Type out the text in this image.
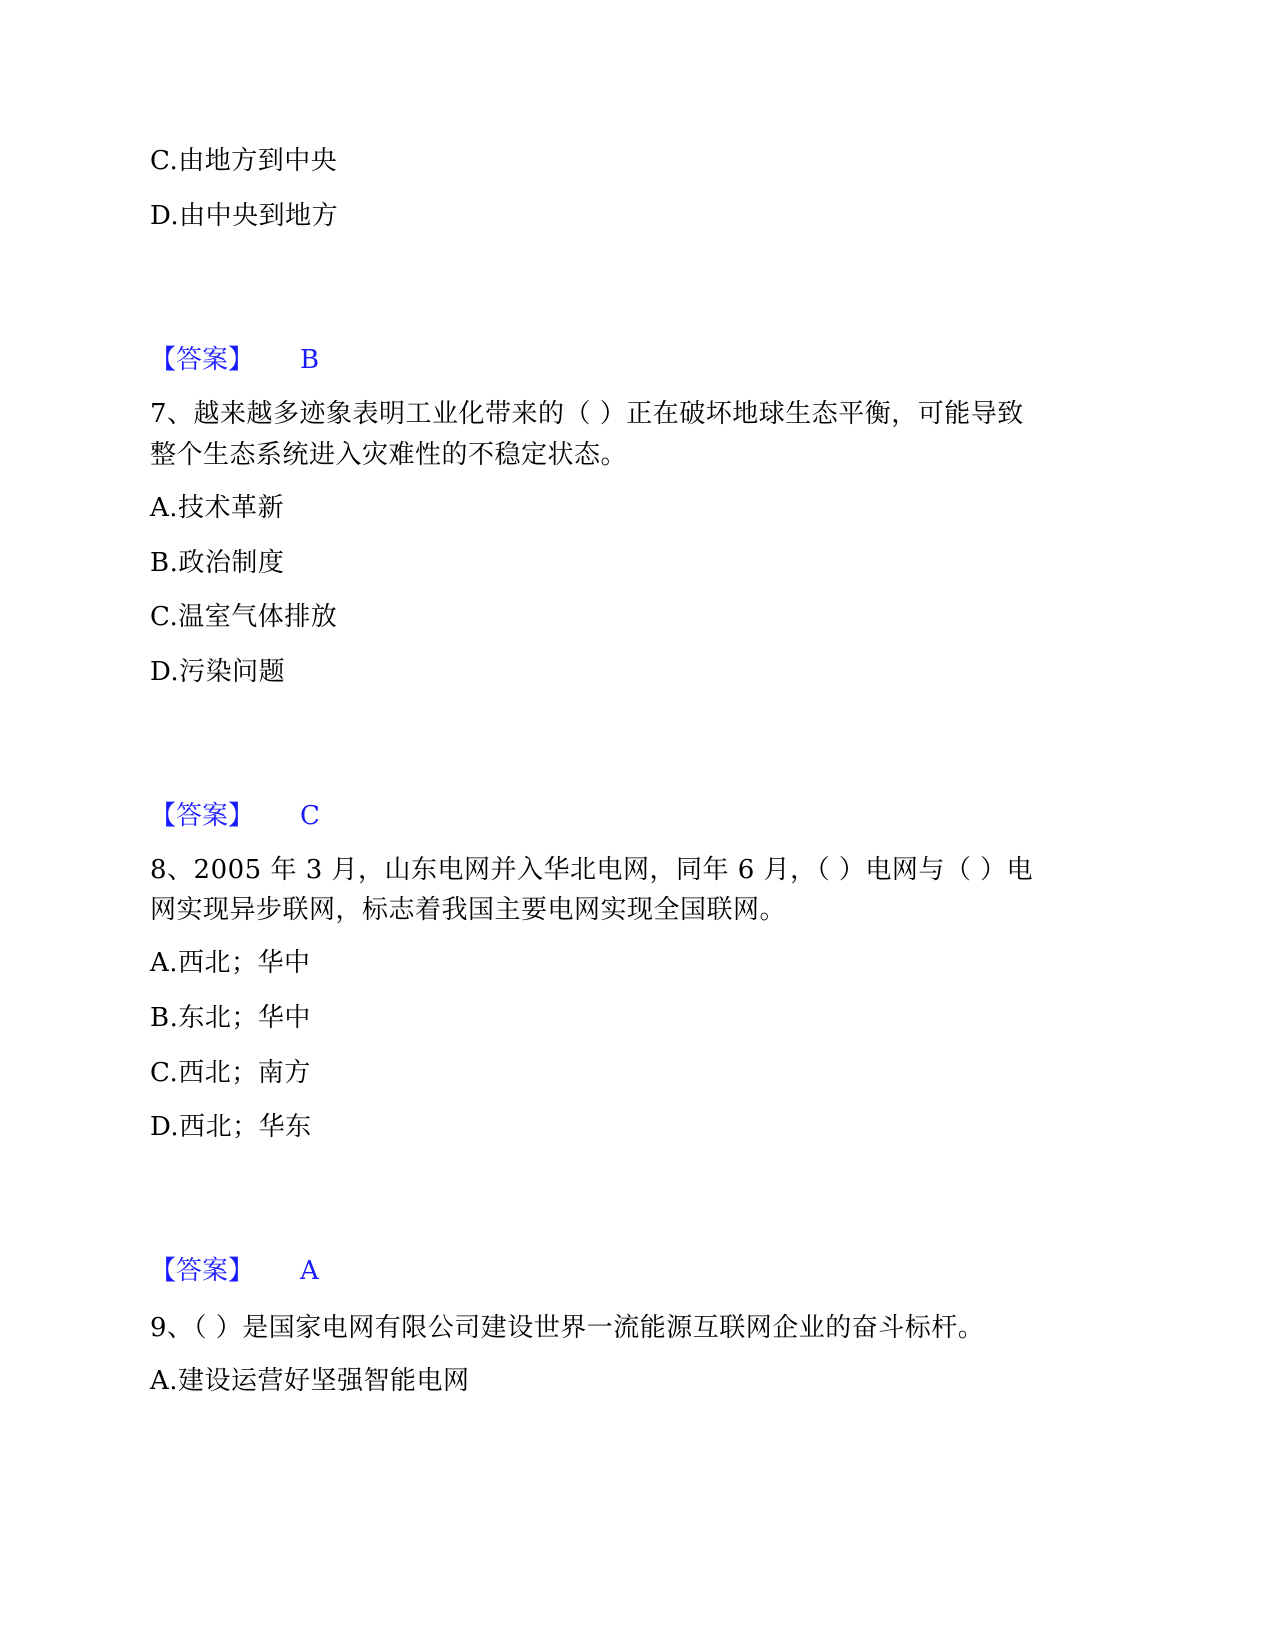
C.由地方到中央
D.由中央到地方
【答案】 B
7、越来越多迹象表明工业化带来的（ ）正在破坏地球生态平衡，可能导致
整个生态系统进入灾难性的不稳定状态。
A.技术革新
B.政治制度
C.温室气体排放
D.污染问题
【答案】 C
8、2005 年 3 月，山东电网并入华北电网，同年 6 月，（ ）电网与（ ）电
网实现异步联网，标志着我国主要电网实现全国联网。
A.西北；华中
B.东北；华中
C.西北；南方
D.西北；华东
【答案】 A
9、（ ）是国家电网有限公司建设世界一流能源互联网企业的奋斗标杆。
A.建设运营好坚强智能电网
